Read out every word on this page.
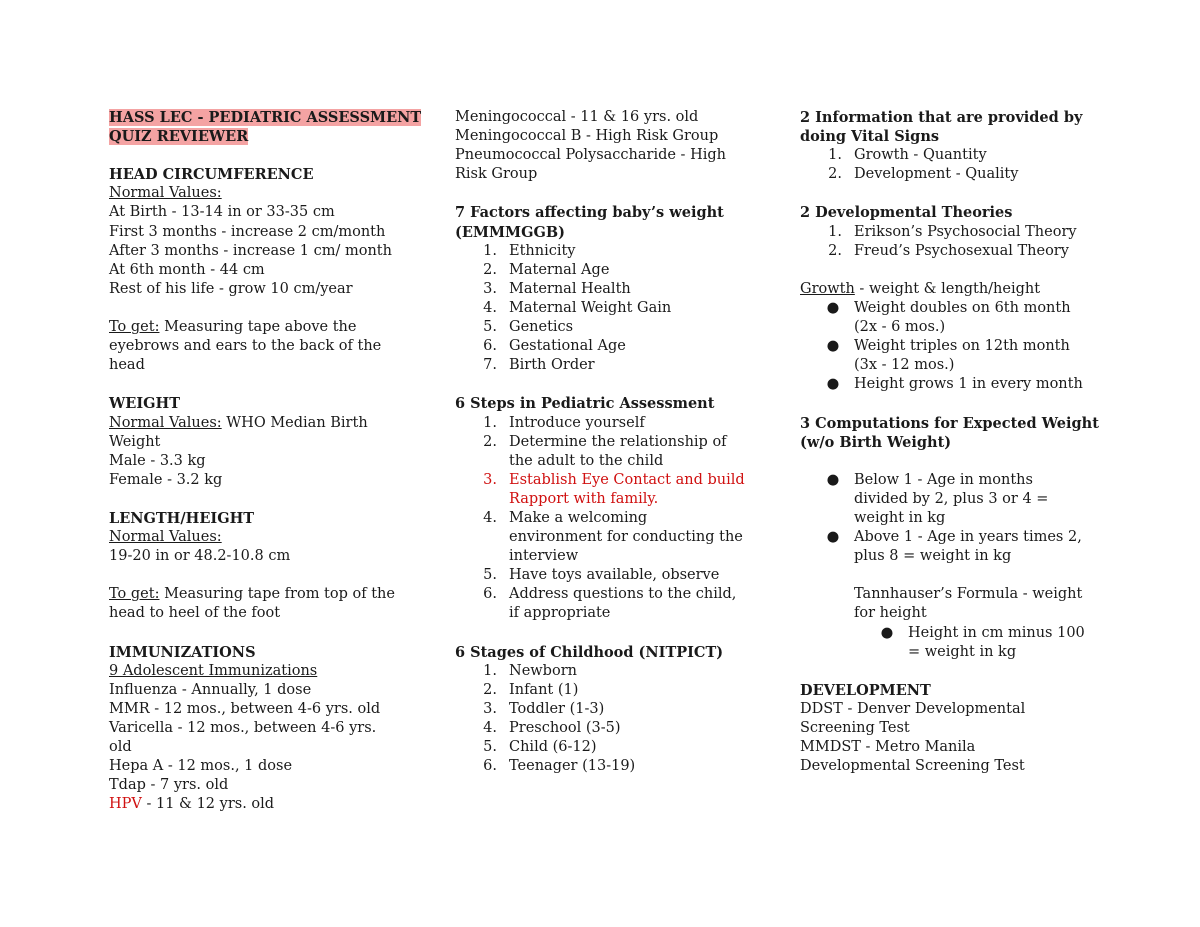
HASS LEC - PEDIATRIC ASSESSMENT
QUIZ REVIEWER
HEAD CIRCUMFERENCE
Normal Values:
At Birth - 13-14 in or 33-35 cm
First 3 months - increase 2 cm/month
After 3 months - increase 1 cm/ month
At 6th month - 44 cm
Rest of his life - grow 10 cm/year
To get: Measuring tape above the
eyebrows and ears to the back of the
head
WEIGHT
Normal Values: WHO Median Birth
Weight
Male - 3.3 kg
Female - 3.2 kg
LENGTH/HEIGHT
Normal Values:
19-20 in or 48.2-10.8 cm
To get: Measuring tape from top of the
head to heel of the foot
IMMUNIZATIONS
9 Adolescent Immunizations
Influenza - Annually, 1 dose
MMR - 12 mos., between 4-6 yrs. old
Varicella - 12 mos., between 4-6 yrs.
old
Hepa A - 12 mos., 1 dose
Tdap - 7 yrs. old
HPV - 11 & 12 yrs. old
Meningococcal - 11 & 16 yrs. old
Meningococcal B - High Risk Group
Pneumococcal Polysaccharide - High
Risk Group
7 Factors affecting baby’s weight
(EMMMGGB)
1. Ethnicity
2. Maternal Age
3. Maternal Health
4. Maternal Weight Gain
5. Genetics
6. Gestational Age
7. Birth Order
6 Steps in Pediatric Assessment
1. Introduce yourself
2. Determine the relationship of
the adult to the child
3. Establish Eye Contact and build
Rapport with family.
4. Make a welcoming
environment for conducting the
interview
5. Have toys available, observe
6. Address questions to the child,
if appropriate
6 Stages of Childhood (NITPICT)
1. Newborn
2. Infant (1)
3. Toddler (1-3)
4. Preschool (3-5)
5. Child (6-12)
6. Teenager (13-19)
2 Information that are provided by
doing Vital Signs
1. Growth - Quantity
2. Development - Quality
2 Developmental Theories
1. Erikson’s Psychosocial Theory
2. Freud’s Psychosexual Theory
Growth - weight & length/height
●	Weight doubles on 6th month
(2x - 6 mos.)
●	Weight triples on 12th month
(3x - 12 mos.)
●	Height grows 1 in every month
3 Computations for Expected Weight
(w/o Birth Weight)
●	Below 1 - Age in months
divided by 2, plus 3 or 4 =
weight in kg
●	Above 1 - Age in years times 2,
plus 8 = weight in kg
Tannhauser’s Formula - weight
for height
●	Height in cm minus 100
= weight in kg
DEVELOPMENT
DDST - Denver Developmental
Screening Test
MMDST - Metro Manila
Developmental Screening Test
